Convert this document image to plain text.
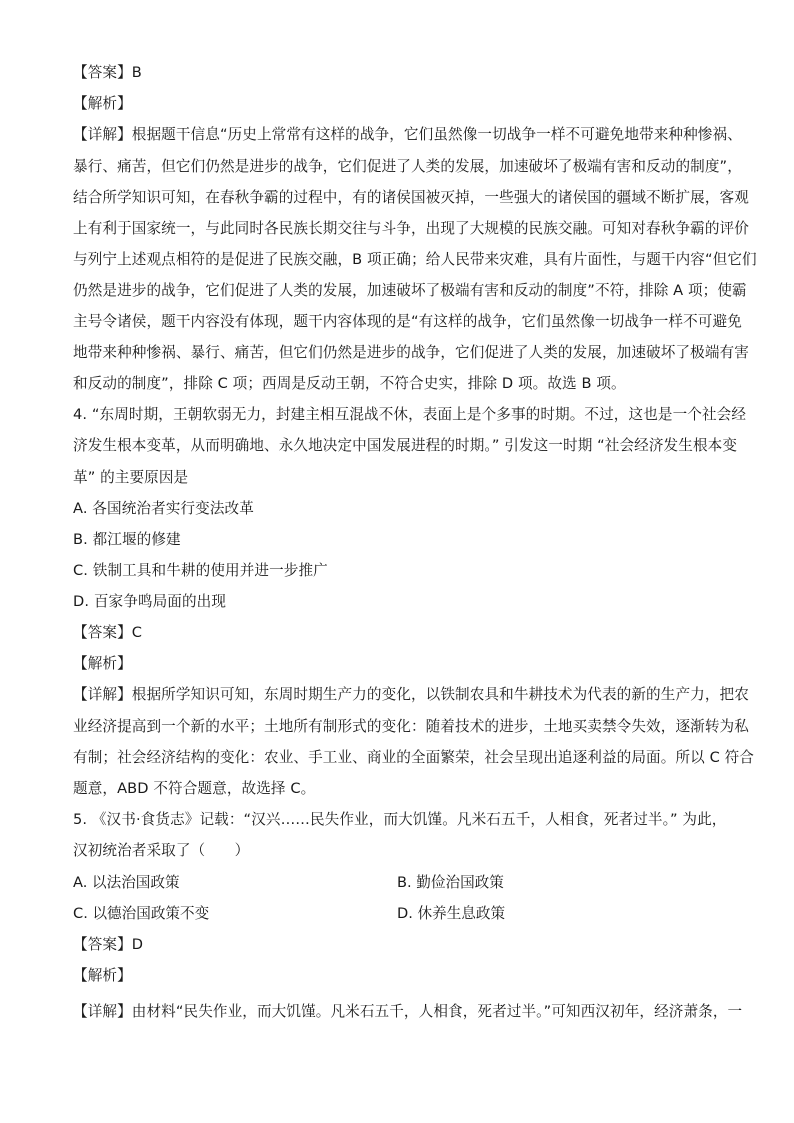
【答案】B
【解析】
【详解】根据题干信息“历史上常常有这样的战争，它们虽然像一切战争一样不可避免地带来种种惨祸、
暴行、痛苦，但它们仍然是进步的战争，它们促进了人类的发展，加速破坏了极端有害和反动的制度”，
结合所学知识可知，在春秋争霸的过程中，有的诸侯国被灭掉，一些强大的诸侯国的疆域不断扩展，客观
上有利于国家统一，与此同时各民族长期交往与斗争，出现了大规模的民族交融。可知对春秋争霸的评价
与列宁上述观点相符的是促进了民族交融，B 项正确；给人民带来灾难，具有片面性，与题干内容“但它们
仍然是进步的战争，它们促进了人类的发展，加速破坏了极端有害和反动的制度”不符，排除 A 项；使霸
主号令诸侯，题干内容没有体现，题干内容体现的是“有这样的战争，它们虽然像一切战争一样不可避免
地带来种种惨祸、暴行、痛苦，但它们仍然是进步的战争，它们促进了人类的发展，加速破坏了极端有害
和反动的制度”，排除 C 项；西周是反动王朝，不符合史实，排除 D 项。故选 B 项。
4. “东周时期，王朝软弱无力，封建主相互混战不休，表面上是个多事的时期。不过，这也是一个社会经
济发生根本变革，从而明确地、永久地决定中国发展进程的时期。” 引发这一时期 “社会经济发生根本变
革” 的主要原因是
A. 各国统治者实行变法改革
B. 都江堰的修建
C. 铁制工具和牛耕的使用并进一步推广
D. 百家争鸣局面的出现
【答案】C
【解析】
【详解】根据所学知识可知，东周时期生产力的变化，以铁制农具和牛耕技术为代表的新的生产力，把农
业经济提高到一个新的水平；土地所有制形式的变化：随着技术的进步，土地买卖禁令失效，逐渐转为私
有制；社会经济结构的变化：农业、手工业、商业的全面繁荣，社会呈现出追逐利益的局面。所以 C 符合
题意，ABD 不符合题意，故选择 C。
5. 《汉书·食货志》记载：“汉兴……民失作业，而大饥馑。凡米石五千，人相食，死者过半。” 为此，
汉初统治者采取了（　　）
A. 以法治国政策	B. 勤俭治国政策
C. 以德治国政策不变	D. 休养生息政策
【答案】D
【解析】
【详解】由材料“民失作业，而大饥馑。凡米石五千，人相食，死者过半。”可知西汉初年，经济萧条，一
